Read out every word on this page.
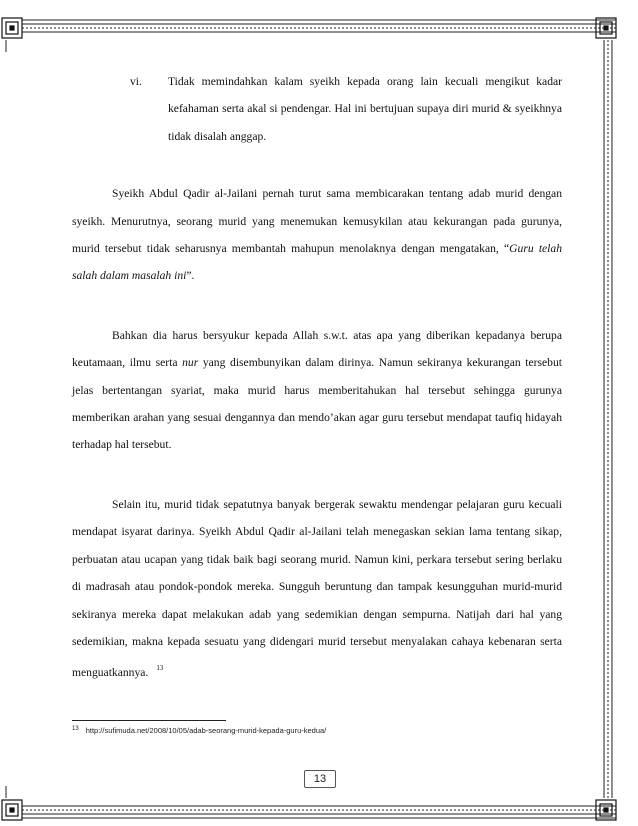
vi. Tidak memindahkan kalam syeikh kepada orang lain kecuali mengikut kadar kefahaman serta akal si pendengar. Hal ini bertujuan supaya diri murid & syeikhnya tidak disalah anggap.

Syeikh Abdul Qadir al-Jailani pernah turut sama membicarakan tentang adab murid dengan syeikh. Menurutnya, seorang murid yang menemukan kemusykilan atau kekurangan pada gurunya, murid tersebut tidak seharusnya membantah mahupun menolaknya dengan mengatakan, “Guru telah salah dalam masalah ini”.

Bahkan dia harus bersyukur kepada Allah s.w.t. atas apa yang diberikan kepadanya berupa keutamaan, ilmu serta nur yang disembunyikan dalam dirinya. Namun sekiranya kekurangan tersebut jelas bertentangan syariat, maka murid harus memberitahukan hal tersebut sehingga gurunya memberikan arahan yang sesuai dengannya dan mendo’akan agar guru tersebut mendapat taufiq hidayah terhadap hal tersebut.

Selain itu, murid tidak sepatutnya banyak bergerak sewaktu mendengar pelajaran guru kecuali mendapat isyarat darinya. Syeikh Abdul Qadir al-Jailani telah menegaskan sekian lama tentang sikap, perbuatan atau ucapan yang tidak baik bagi seorang murid. Namun kini, perkara tersebut sering berlaku di madrasah atau pondok-pondok mereka. Sungguh beruntung dan tampak kesungguhan murid-murid sekiranya mereka dapat melakukan adab yang sedemikian dengan sempurna. Natijah dari hal yang sedemikian, makna kepada sesuatu yang didengari murid tersebut menyalakan cahaya kebenaran serta menguatkannya. $^{13}$

$^{13}$ http://sufimuda.net/2008/10/05/adab-seorang-murid-kepada-guru-kedua/
13
